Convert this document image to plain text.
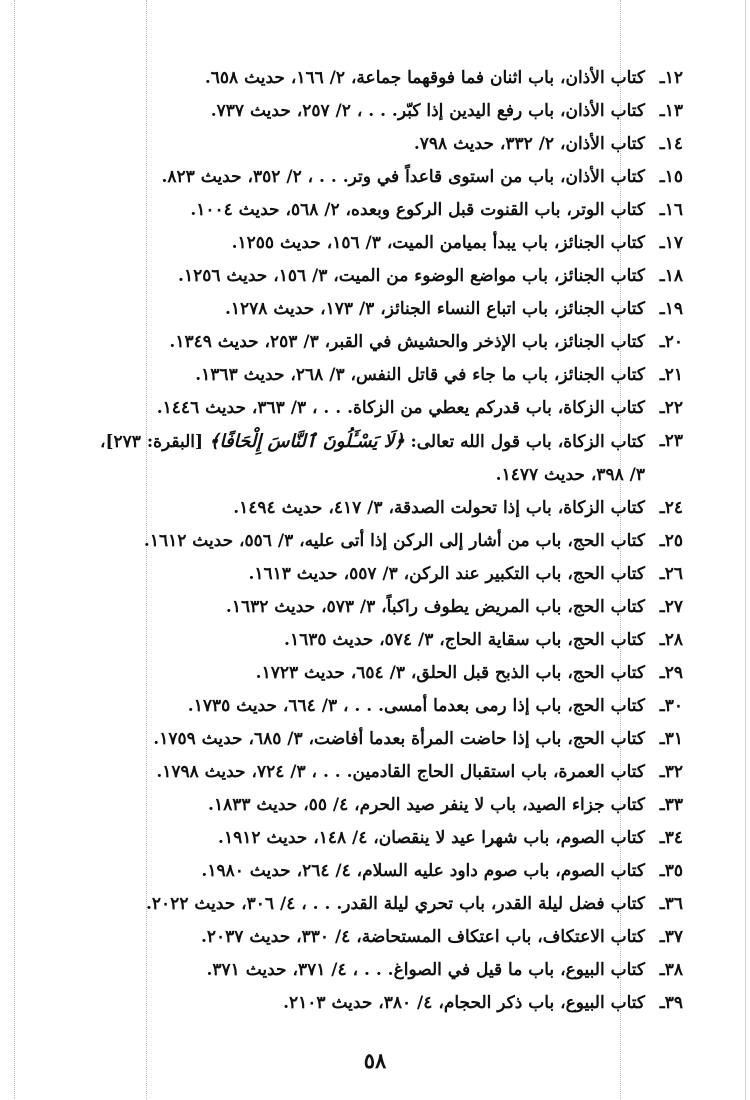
١٢ـ
كتاب الأذان، باب اثنان فما فوقهما جماعة، ٢/ ١٦٦، حديث ٦٥٨.
١٣ـ
كتاب الأذان، باب رفع اليدين إذا كبّر. . . ، ٢/ ٢٥٧، حديث ٧٣٧.
١٤ـ
كتاب الأذان، ٢/ ٣٣٢، حديث ٧٩٨.
١٥ـ
كتاب الأذان، باب من استوى قاعداً في وتر. . . ، ٢/ ٣٥٢، حديث ٨٢٣.
١٦ـ
كتاب الوتر، باب القنوت قبل الركوع وبعده، ٢/ ٥٦٨، حديث ١٠٠٤.
١٧ـ
كتاب الجنائز، باب يبدأ بميامن الميت، ٣/ ١٥٦، حديث ١٢٥٥.
١٨ـ
كتاب الجنائز، باب مواضع الوضوء من الميت، ٣/ ١٥٦، حديث ١٢٥٦.
١٩ـ
كتاب الجنائز، باب اتباع النساء الجنائز، ٣/ ١٧٣، حديث ١٢٧٨.
٢٠ـ
كتاب الجنائز، باب الإذخر والحشيش في القبر، ٣/ ٢٥٣، حديث ١٣٤٩.
٢١ـ
كتاب الجنائز، باب ما جاء في قاتل النفس، ٣/ ٢٦٨، حديث ١٣٦٣.
٢٢ـ
كتاب الزكاة، باب قدركم يعطي من الزكاة. . . ، ٣/ ٣٦٣، حديث ١٤٤٦.
٢٣ـ
كتاب الزكاة، باب قول الله تعالى: ﴿لَا يَسْـَٔلُونَ ٱلنَّاسَ إِلْحَافًا﴾ [البقرة: ٢٧٣]،
٣/ ٣٩٨، حديث ١٤٧٧.
٢٤ـ
كتاب الزكاة، باب إذا تحولت الصدقة، ٣/ ٤١٧، حديث ١٤٩٤.
٢٥ـ
كتاب الحج، باب من أشار إلى الركن إذا أتى عليه، ٣/ ٥٥٦، حديث ١٦١٢.
٢٦ـ
كتاب الحج، باب التكبير عند الركن، ٣/ ٥٥٧، حديث ١٦١٣.
٢٧ـ
كتاب الحج، باب المريض يطوف راكباً، ٣/ ٥٧٣، حديث ١٦٣٢.
٢٨ـ
كتاب الحج، باب سقاية الحاج، ٣/ ٥٧٤، حديث ١٦٣٥.
٢٩ـ
كتاب الحج، باب الذبح قبل الحلق، ٣/ ٦٥٤، حديث ١٧٢٣.
٣٠ـ
كتاب الحج، باب إذا رمى بعدما أمسى. . . ، ٣/ ٦٦٤، حديث ١٧٣٥.
٣١ـ
كتاب الحج، باب إذا حاضت المرأة بعدما أفاضت، ٣/ ٦٨٥، حديث ١٧٥٩.
٣٢ـ
كتاب العمرة، باب استقبال الحاج القادمين. . . ، ٣/ ٧٢٤، حديث ١٧٩٨.
٣٣ـ
كتاب جزاء الصيد، باب لا ينفر صيد الحرم، ٤/ ٥٥، حديث ١٨٣٣.
٣٤ـ
كتاب الصوم، باب شهرا عيد لا ينقصان، ٤/ ١٤٨، حديث ١٩١٢.
٣٥ـ
كتاب الصوم، باب صوم داود عليه السلام، ٤/ ٢٦٤، حديث ١٩٨٠.
٣٦ـ
كتاب فضل ليلة القدر، باب تحري ليلة القدر. . . ، ٤/ ٣٠٦، حديث ٢٠٢٢.
٣٧ـ
كتاب الاعتكاف، باب اعتكاف المستحاضة، ٤/ ٣٣٠، حديث ٢٠٣٧.
٣٨ـ
كتاب البيوع، باب ما قيل في الصواغ. . . ، ٤/ ٣٧١، حديث ٣٧١.
٣٩ـ
كتاب البيوع، باب ذكر الحجام، ٤/ ٣٨٠، حديث ٢١٠٣.
٥٨
